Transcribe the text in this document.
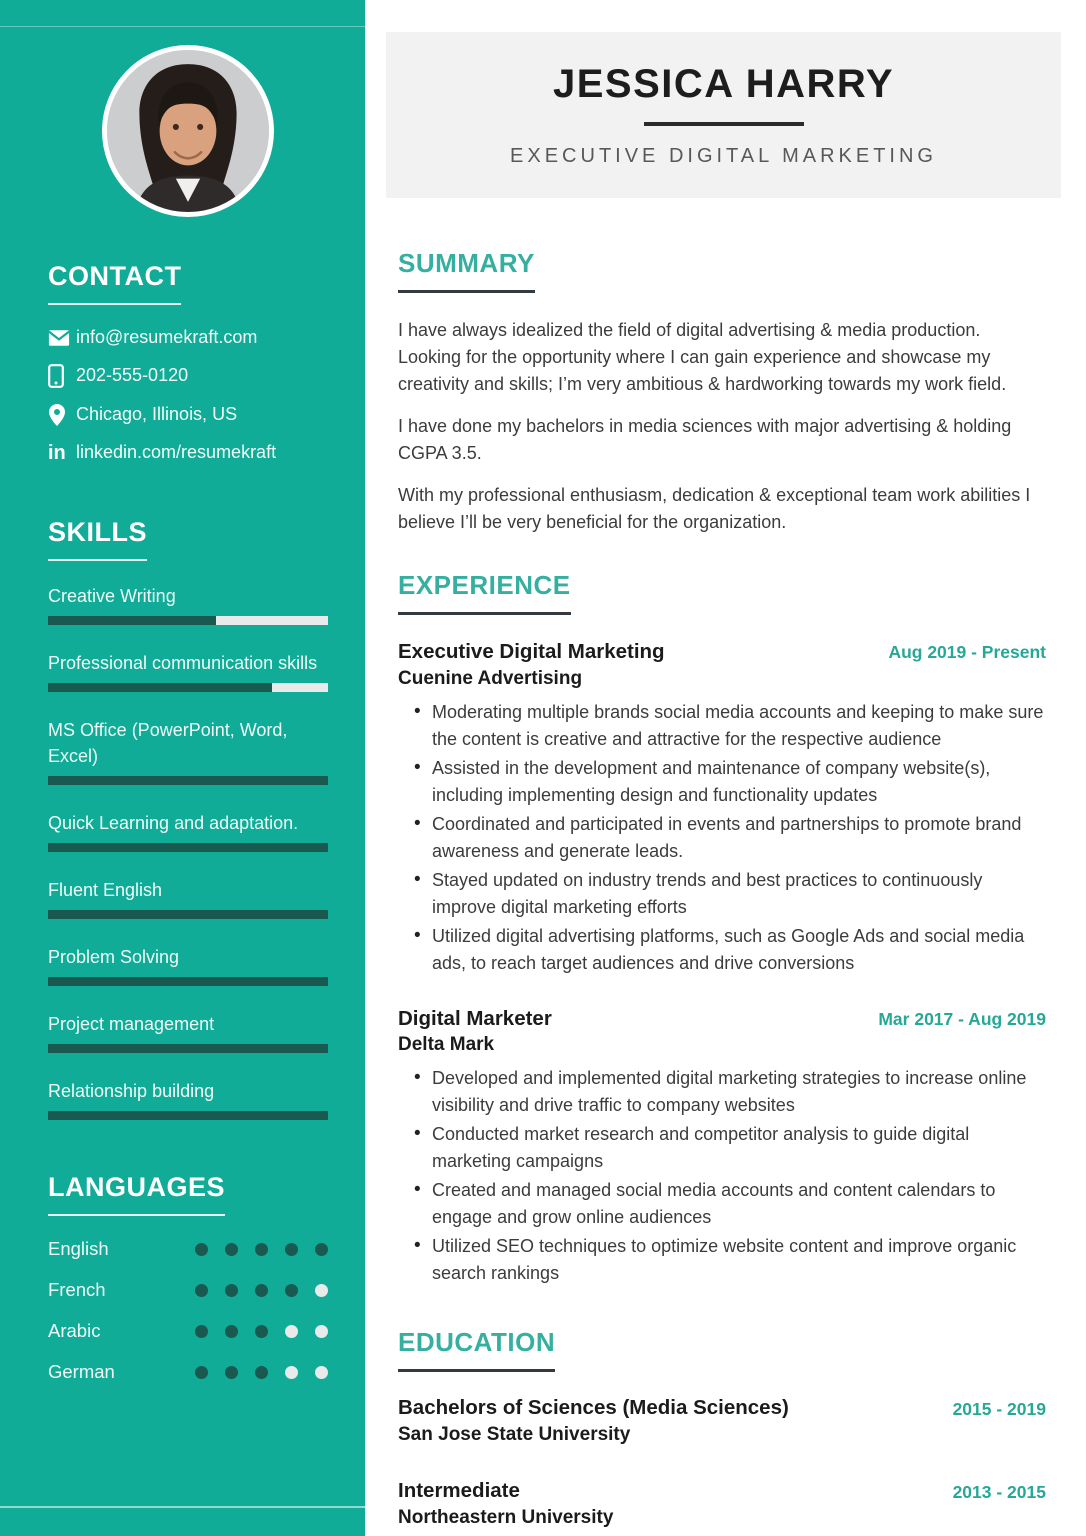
CONTACT
info@resumekraft.com
202-555-0120
Chicago, Illinois, US
in linkedin.com/resumekraft
SKILLS
Creative Writing
Professional communication skills
MS Office (PowerPoint, Word, Excel)
Quick Learning and adaptation.
Fluent English
Problem Solving
Project management
Relationship building
LANGUAGES
English
French
Arabic
German
JESSICA HARRY
EXECUTIVE DIGITAL MARKETING
SUMMARY

I have always idealized the field of digital advertising & media production. Looking for the opportunity where I can gain experience and showcase my creativity and skills; I’m very ambitious & hardworking towards my work field.

I have done my bachelors in media sciences with major advertising & holding CGPA 3.5.

With my professional enthusiasm, dedication & exceptional team work abilities I believe I’ll be very beneficial for the organization.

EXPERIENCE
Executive Digital Marketing
Cuenine Advertising
Aug 2019 - Present
• Moderating multiple brands social media accounts and keeping to make sure the content is creative and attractive for the respective audience
• Assisted in the development and maintenance of company website(s), including implementing design and functionality updates
• Coordinated and participated in events and partnerships to promote brand awareness and generate leads.
• Stayed updated on industry trends and best practices to continuously improve digital marketing efforts
• Utilized digital advertising platforms, such as Google Ads and social media ads, to reach target audiences and drive conversions
Digital Marketer
Delta Mark
Mar 2017 - Aug 2019
• Developed and implemented digital marketing strategies to increase online visibility and drive traffic to company websites
• Conducted market research and competitor analysis to guide digital marketing campaigns
• Created and managed social media accounts and content calendars to engage and grow online audiences
• Utilized SEO techniques to optimize website content and improve organic search rankings
EDUCATION
Bachelors of Sciences (Media Sciences)
San Jose State University
2015 - 2019
Intermediate
Northeastern University
2013 - 2015
